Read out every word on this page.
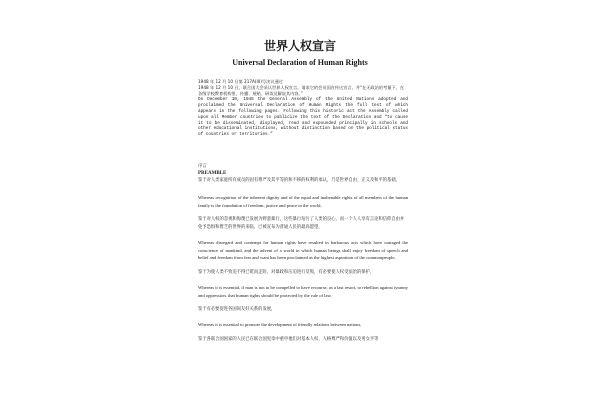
世界人权宣言
Universal Declaration of Human Rights

1948 年 12 月 10 日第 217A(III)号决议通过

1948 年 12 月 10 日，联合国大会采认世界人权宣言。请求它的会员国宣传这宣言，并“在无政治的考量下，在各级学校教育机构里，传播、展贴、研读及解说其内容。”

On December 10, 1948 the General Assembly of the United Nations adopted and proclaimed the Universal Declaration of Human Rights the full text of which appears in the following pages. Following this historic act the Assembly called upon all Member countries to publicize the text of the Declaration and “to cause it to be disseminated, displayed, read and expounded principally in schools and other educational institutions, without distinction based on the political status of countries or territories.”

序言

PREAMBLE

鉴于对人类家庭所有成员的固有尊严及其平等的和不移的权利的承认，乃是世界自由、正义及和平的基础，

Whereas recognition of the inherent dignity and of the equal and inalienable rights of all members of the human family is the foundation of freedom, justice and peace in the world,

鉴于对人权的忽视和侮蔑已发展为野蛮暴行，这些暴行玷污了人类的良心，而一个人人享有言论和信仰自由并免予恐惧和匮乏的世界的来临，已被宣布为普通人民的最高愿望，

Whereas disregard and contempt for human rights have resulted in barbarous acts which have outraged the conscience of mankind, and the advent of a world in which human beings shall enjoy freedom of speech and belief and freedom from fear and want has been proclaimed as the highest aspiration of the commonpeople,

鉴于为使人类不致迫不得已铤而走险，对暴政和压迫进行反叛，有必要使人权受法治的保护，

Whereas it is essential, if man is not to be compelled to have recourse, as a last resort, to rebellion against tyranny and oppression, that human rights should be protected by the rule of law,

鉴于有必要促进各国间友好关系的发展，

Whereas it is essential to promote the development of friendly relations between nations,

鉴于各联合国国家的人民已在联合国宪章中重申他们对基本人权、人格尊严和价值以及男女平等
